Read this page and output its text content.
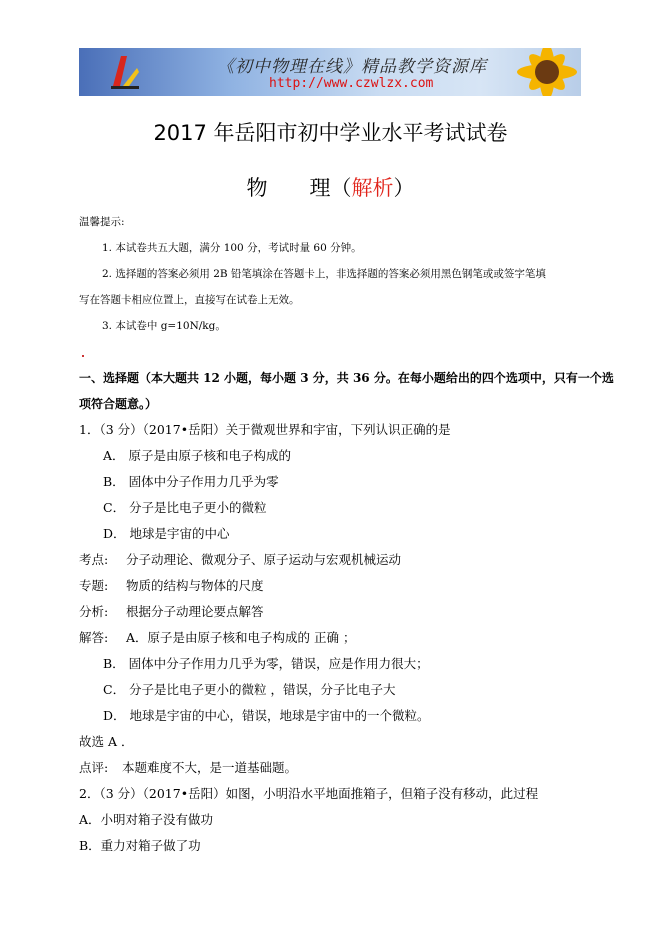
《初中物理在线》精品教学资源库
http://www.czwlzx.com
2017 年岳阳市初中学业水平考试试卷
物　　理（解析）
温馨提示:
1. 本试卷共五大题，满分 100 分，考试时量 60 分钟。
2. 选择题的答案必须用 2B 铅笔填涂在答题卡上，非选择题的答案必须用黑色钢笔或或签字笔填
写在答题卡相应位置上，直接写在试卷上无效。
3. 本试卷中 g=10N/kg。
一、选择题（本大题共 12 小题，每小题 3 分，共 36 分。在每小题给出的四个选项中，只有一个选
项符合题意。）
1．（3 分）（2017•岳阳）关于微观世界和宇宙，下列认识正确的是
A． 原子是由原子核和电子构成的
B． 固体中分子作用力几乎为零
C． 分子是比电子更小的微粒
D． 地球是宇宙的中心
考点: 分子动理论、微观分子、原子运动与宏观机械运动
专题: 物质的结构与物体的尺度
分析: 根据分子动理论要点解答
解答: A．原子是由原子核和电子构成的 正确 ；
B． 固体中分子作用力几乎为零，错误，应是作用力很大；
C． 分子是比电子更小的微粒 ，错误，分子比电子大
D． 地球是宇宙的中心，错误，地球是宇宙中的一个微粒。
故选 A ．
点评: 本题难度不大，是一道基础题。
2．（3 分）（2017•岳阳）如图，小明沿水平地面推箱子，但箱子没有移动，此过程
A．小明对箱子没有做功
B．重力对箱子做了功
